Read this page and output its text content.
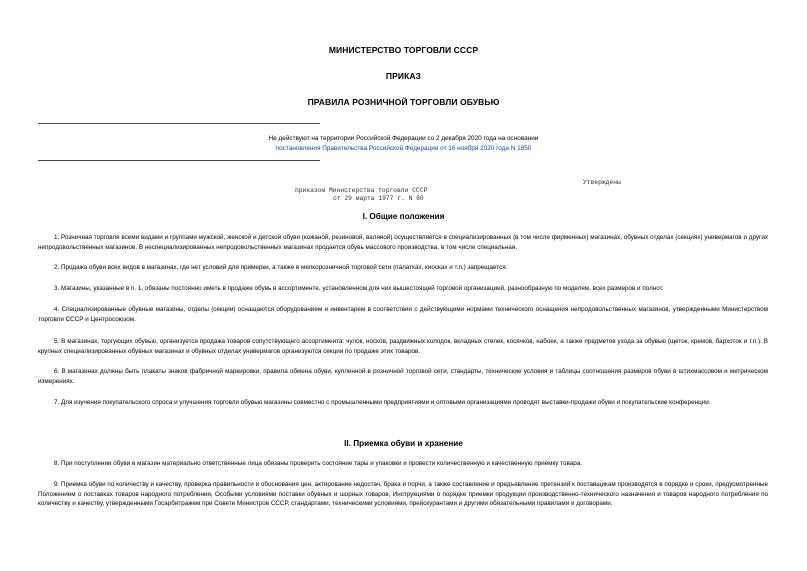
МИНИСТЕРСТВО ТОРГОВЛИ СССР
ПРИКАЗ
ПРАВИЛА РОЗНИЧНОЙ ТОРГОВЛИ ОБУВЬЮ
Не действуют на территории Российской Федерации со 2 декабря 2020 года на основании
постановления Правительства Российской Федерации от 16 ноября 2020 года N 1850
Утверждены
приказом Министерства торговли СССР
от 29 марта 1977 г. N 60
I. Общие положения
1. Розничная торговля всеми видами и группами мужской, женской и детской обуви (кожаной, резиновой, валяной) осуществляется в специализированных (в том числе фирменных) магазинах, обувных отделах (секциях) универмагов и других непродовольственных магазинов. В неспециализированных непродовольственных магазинах продается обувь массового производства, в том числе специальная.
2. Продажа обуви всех видов в магазинах, где нет условий для примерки, а также в мелкорозничной торговой сети (палатках, киосках и т.п.) запрещается.
3. Магазины, указанные в п. 1, обязаны постоянно иметь в продаже обувь в ассортименте, установленном для них вышестоящей торговой организацией, разнообразную по моделям, всех размеров и полнот.
4. Специализированные обувные магазины, отделы (секции) оснащаются оборудованием и инвентарем в соответствии с действующими нормами технического оснащения непродовольственных магазинов, утвержденными Министерством торговли СССР и Центросоюзом.
5. В магазинах, торгующих обувью, организуется продажа товаров сопутствующего ассортимента: чулок, носков, раздвижных колодок, вкладных стелек, косячков, набоек, а также предметов ухода за обувью (щеток, кремов, бархоток и т.п.). В крупных специализированных обувных магазинах и обувных отделах универмагов организуются секции по продаже этих товаров.
6. В магазинах должны быть плакаты знаков фабричной маркировки, правила обмена обуви, купленной в розничной торговой сети, стандарты, технические условия и таблицы соотношения размеров обуви в штихмассовом и метрическом измерениях.
7. Для изучения покупательского спроса и улучшения торговли обувью магазины совместно с промышленными предприятиями и оптовыми организациями проводят выставки-продажи обуви и покупательские конференции.
II. Приемка обуви и хранение
8. При поступлении обуви в магазин материально ответственные лица обязаны проверить состояние тары и упаковки и провести количественную и качественную приемку товара.
9. Приемка обуви по количеству и качеству, проверка правильности и обоснования цен, актирование недостач, брака и порчи, а также составление и предъявление претензий к поставщикам производятся в порядке и сроки, предусмотренные Положением о поставках товаров народного потребления, Особыми условиями поставки обувных и шорных товаров, Инструкциями о порядке приемки продукции производственно-технического назначения и товаров народного потребления по количеству и качеству, утвержденными Госарбитражем при Совете Министров СССР, стандартами, техническими условиями, прейскурантами и другими обязательными правилами и договорами.
